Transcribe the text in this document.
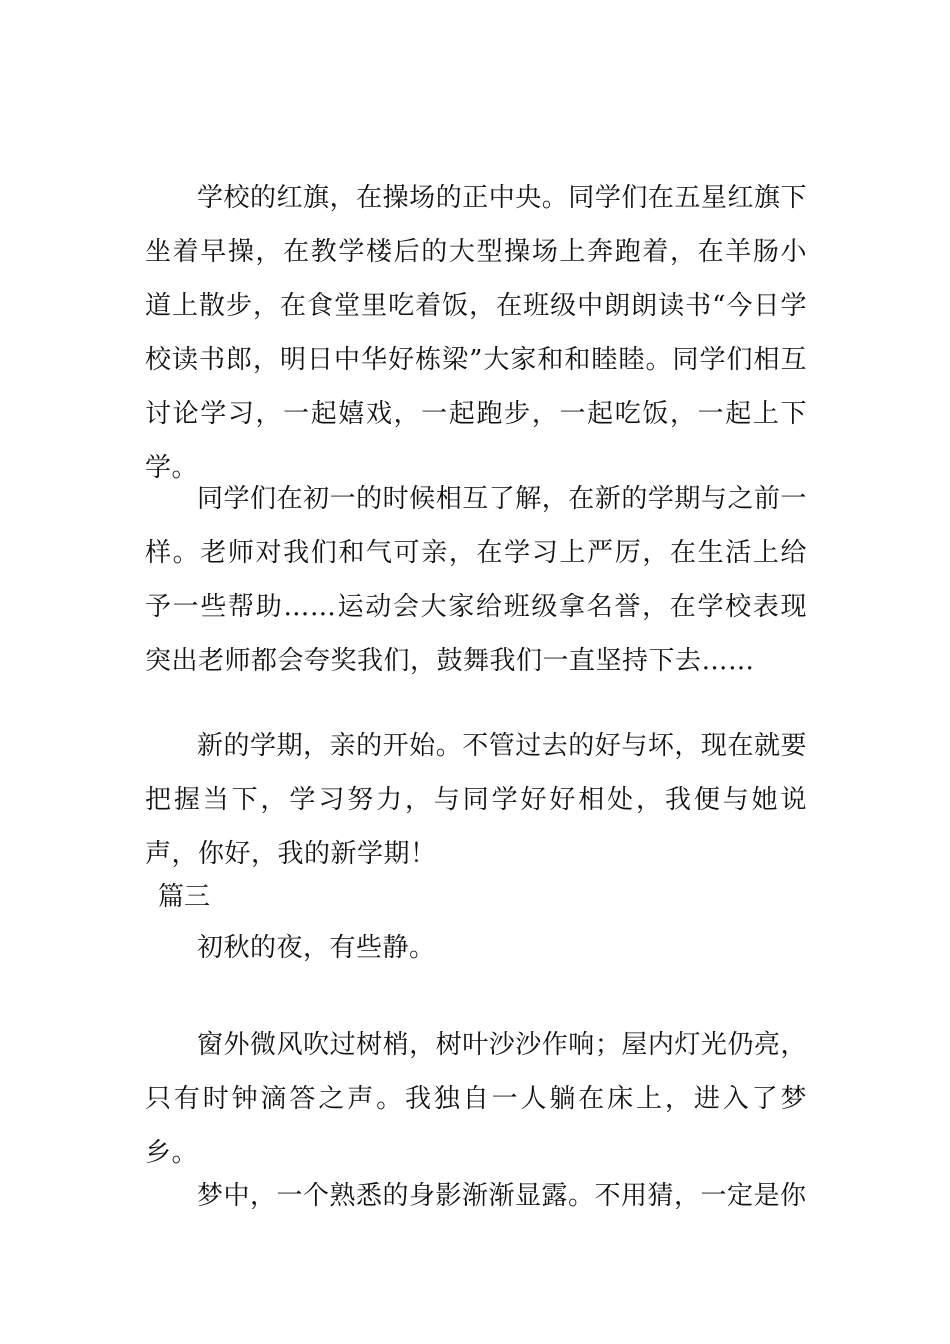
学校的红旗，在操场的正中央。同学们在五星红旗下坐着早操，在教学楼后的大型操场上奔跑着，在羊肠小道上散步，在食堂里吃着饭，在班级中朗朗读书“今日学校读书郎，明日中华好栋梁”大家和和睦睦。同学们相互讨论学习，一起嬉戏，一起跑步，一起吃饭，一起上下学。

同学们在初一的时候相互了解，在新的学期与之前一样。老师对我们和气可亲，在学习上严厉，在生活上给予一些帮助……运动会大家给班级拿名誉，在学校表现突出老师都会夸奖我们，鼓舞我们一直坚持下去……

新的学期，亲的开始。不管过去的好与坏，现在就要把握当下，学习努力，与同学好好相处，我便与她说声，你好，我的新学期！

篇三

初秋的夜，有些静。

窗外微风吹过树梢，树叶沙沙作响；屋内灯光仍亮，只有时钟滴答之声。我独自一人躺在床上，进入了梦乡。

梦中，一个熟悉的身影渐渐显露。不用猜，一定是你
